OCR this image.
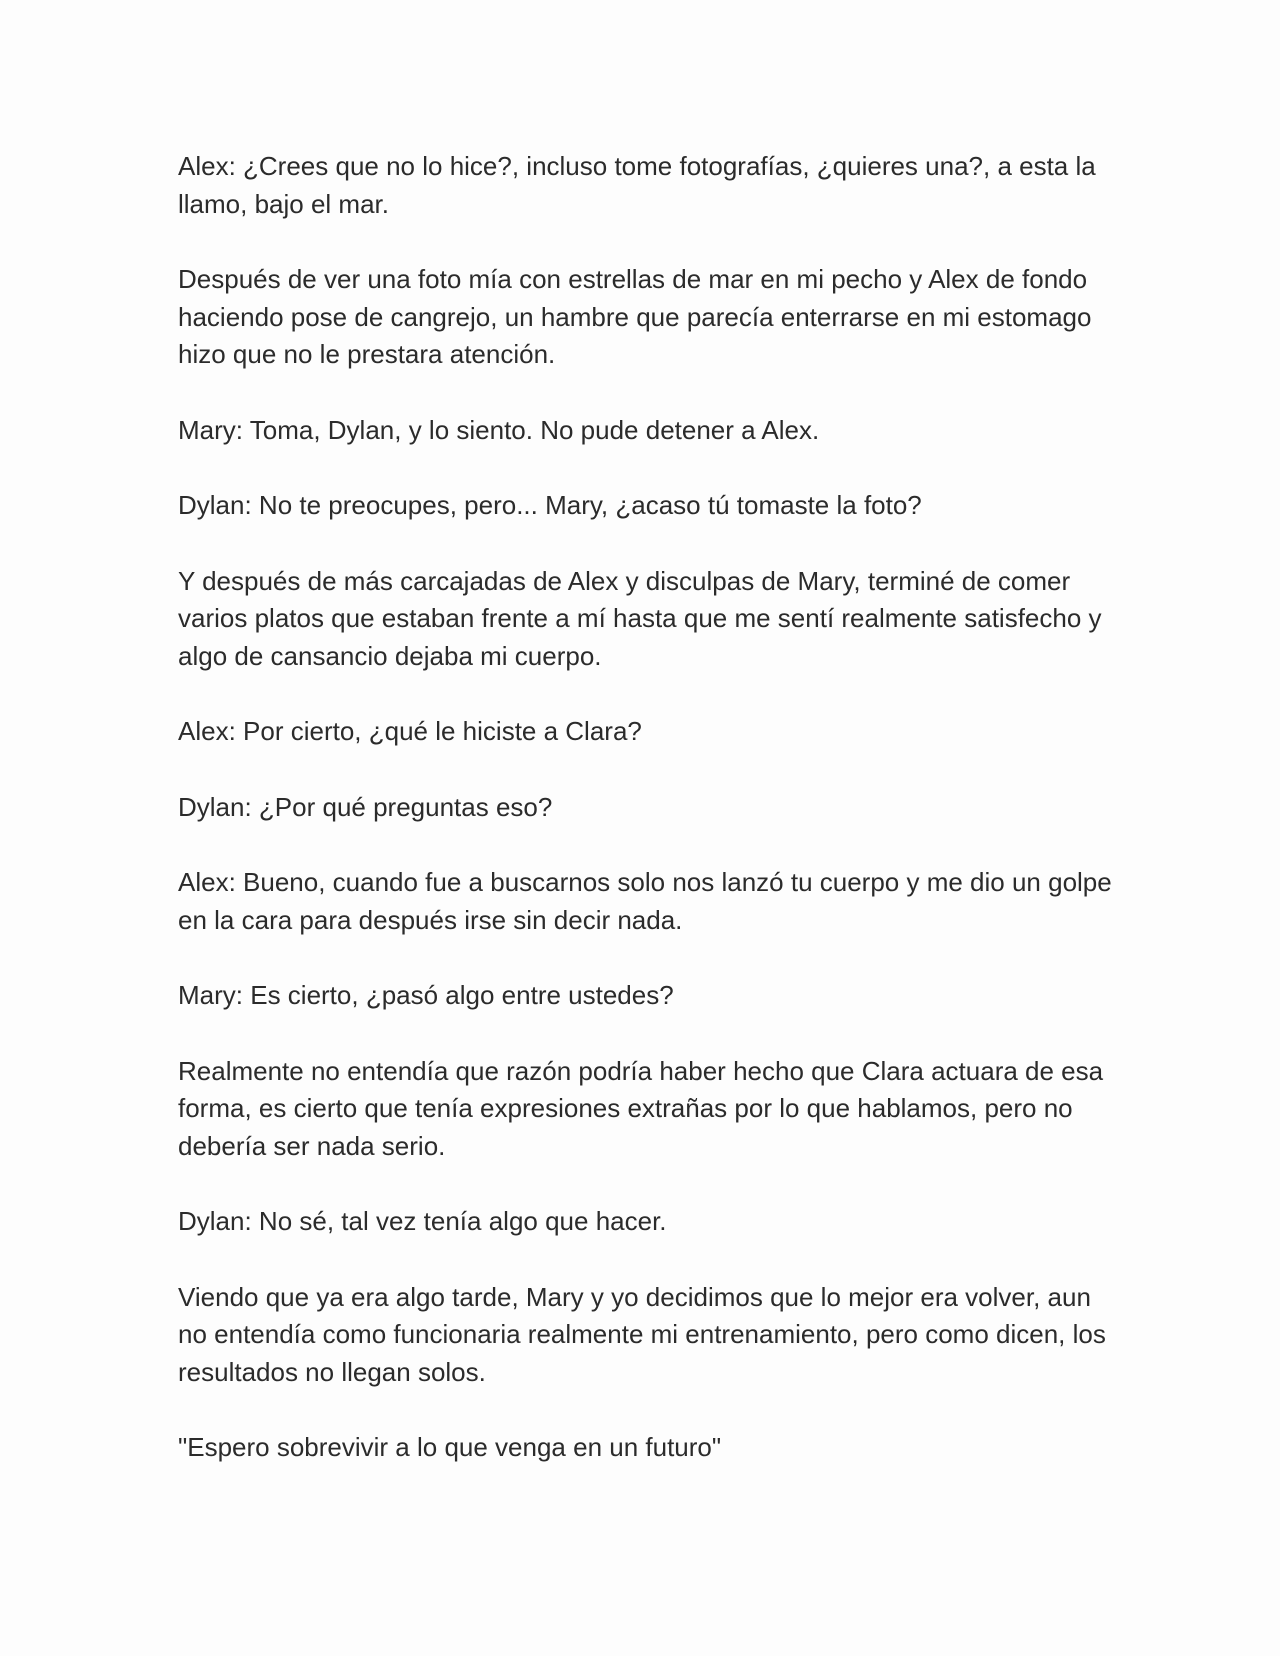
Alex: ¿Crees que no lo hice?, incluso tome fotografías, ¿quieres una?, a esta la llamo, bajo el mar.

Después de ver una foto mía con estrellas de mar en mi pecho y Alex de fondo haciendo pose de cangrejo, un hambre que parecía enterrarse en mi estomago hizo que no le prestara atención.

Mary: Toma, Dylan, y lo siento. No pude detener a Alex.

Dylan: No te preocupes, pero... Mary, ¿acaso tú tomaste la foto?

Y después de más carcajadas de Alex y disculpas de Mary, terminé de comer varios platos que estaban frente a mí hasta que me sentí realmente satisfecho y algo de cansancio dejaba mi cuerpo.

Alex: Por cierto, ¿qué le hiciste a Clara?

Dylan: ¿Por qué preguntas eso?

Alex: Bueno, cuando fue a buscarnos solo nos lanzó tu cuerpo y me dio un golpe en la cara para después irse sin decir nada.

Mary: Es cierto, ¿pasó algo entre ustedes?

Realmente no entendía que razón podría haber hecho que Clara actuara de esa forma, es cierto que tenía expresiones extrañas por lo que hablamos, pero no debería ser nada serio.

Dylan: No sé, tal vez tenía algo que hacer.

Viendo que ya era algo tarde, Mary y yo decidimos que lo mejor era volver, aun no entendía como funcionaria realmente mi entrenamiento, pero como dicen, los resultados no llegan solos.

"Espero sobrevivir a lo que venga en un futuro"
